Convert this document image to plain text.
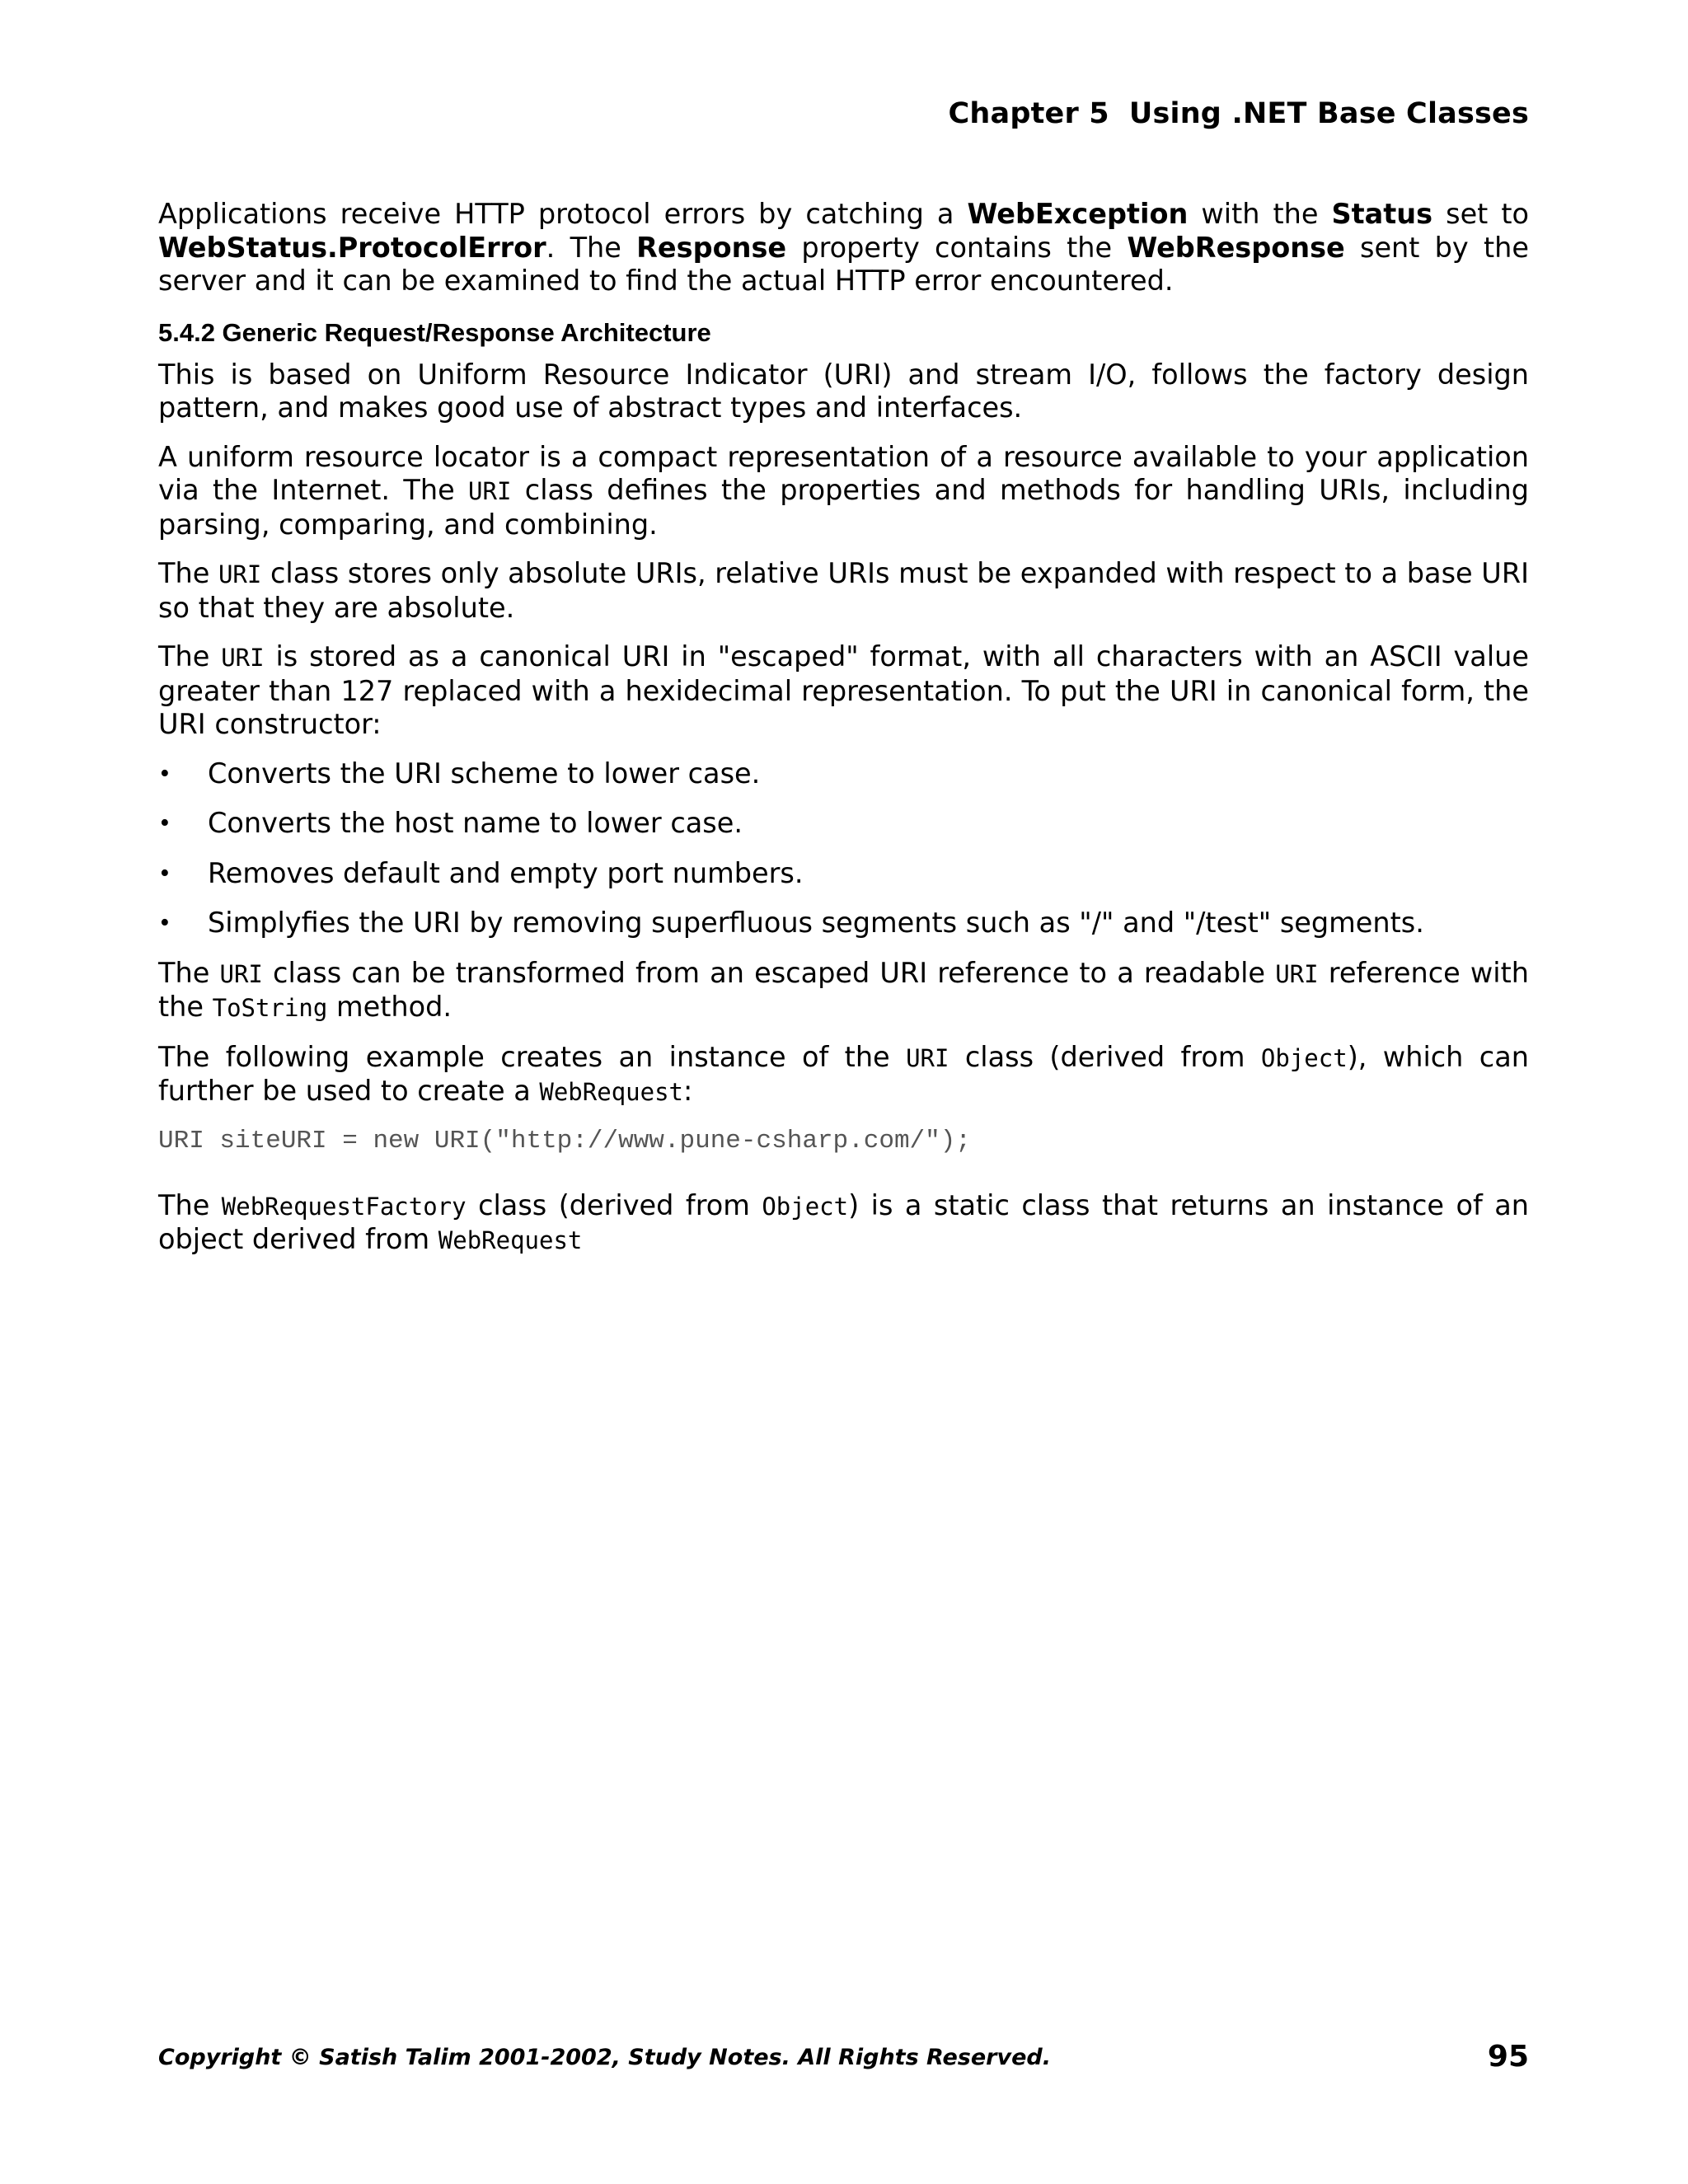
Chapter 5 Using .NET Base Classes

Applications receive HTTP protocol errors by catching a WebException with the Status set to WebStatus.ProtocolError. The Response property contains the WebResponse sent by the server and it can be examined to find the actual HTTP error encountered.

5.4.2 Generic Request/Response Architecture

This is based on Uniform Resource Indicator (URI) and stream I/O, follows the factory design pattern, and makes good use of abstract types and interfaces.

A uniform resource locator is a compact representation of a resource available to your application via the Internet. The URI class defines the properties and methods for handling URIs, including parsing, comparing, and combining.

The URI class stores only absolute URIs, relative URIs must be expanded with respect to a base URI so that they are absolute.

The URI is stored as a canonical URI in "escaped" format, with all characters with an ASCII value greater than 127 replaced with a hexidecimal representation. To put the URI in canonical form, the URI constructor:

• Converts the URI scheme to lower case.
• Converts the host name to lower case.
• Removes default and empty port numbers.
• Simplyfies the URI by removing superfluous segments such as "/" and "/test" segments.

The URI class can be transformed from an escaped URI reference to a readable URI reference with the ToString method.

The following example creates an instance of the URI class (derived from Object), which can further be used to create a WebRequest:

URI siteURI = new URI("http://www.pune-csharp.com/");

The WebRequestFactory class (derived from Object) is a static class that returns an instance of an object derived from WebRequest

Copyright © Satish Talim 2001-2002, Study Notes. All Rights Reserved.	95
